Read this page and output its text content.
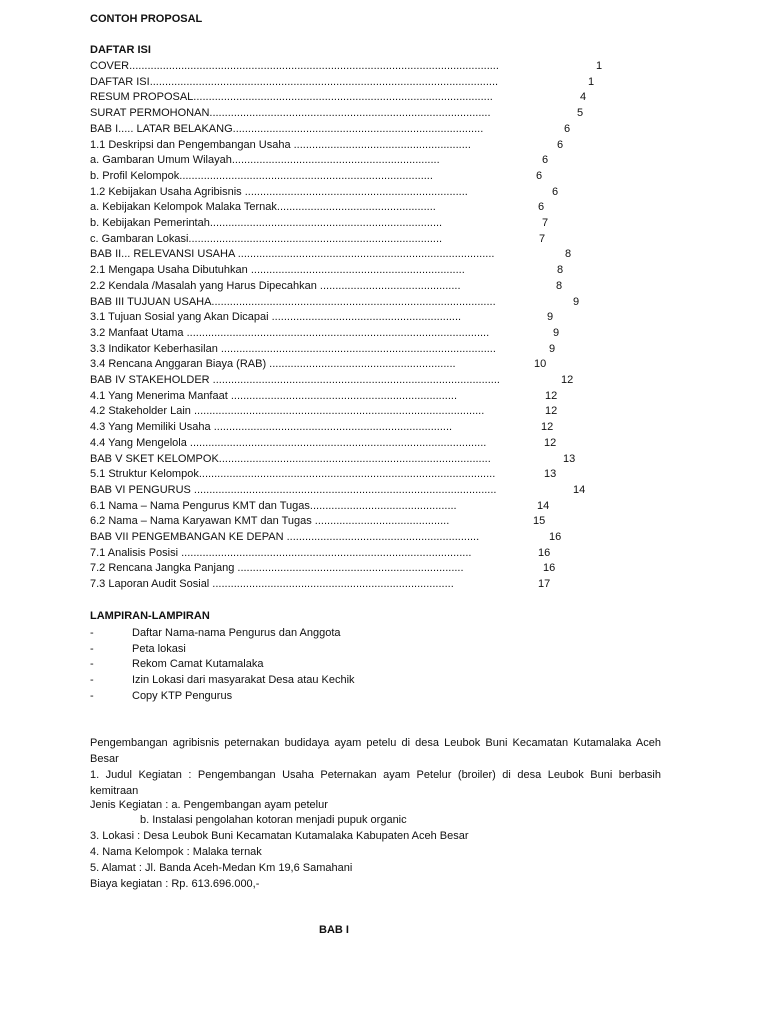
CONTOH PROPOSAL
DAFTAR ISI
COVER.........................................................................................................................	1
DAFTAR ISI..................................................................................................................	1
RESUM PROPOSAL..................................................................................................	4
SURAT PERMOHONAN............................................................................................	5
BAB I..... LATAR BELAKANG..................................................................................	6
1.1 Deskripsi dan Pengembangan Usaha ..........................................................	6
a. Gambaran Umum Wilayah....................................................................	6
b. Profil Kelompok...................................................................................	6
1.2 Kebijakan Usaha Agribisnis .........................................................................	6
a. Kebijakan Kelompok Malaka Ternak....................................................	6
b. Kebijakan Pemerintah............................................................................	7
c. Gambaran Lokasi...................................................................................	7
BAB II... RELEVANSI USAHA ....................................................................................	8
2.1 Mengapa Usaha Dibutuhkan ......................................................................	8
2.2 Kendala /Masalah yang Harus Dipecahkan ..............................................	8
BAB III TUJUAN USAHA.............................................................................................	9
3.1 Tujuan Sosial yang Akan Dicapai ..............................................................	9
3.2 Manfaat Utama ...................................................................................................	9
3.3 Indikator Keberhasilan ..........................................................................................	9
3.4 Rencana Anggaran Biaya (RAB) .............................................................	10
BAB IV STAKEHOLDER ..............................................................................................	12
4.1 Yang Menerima Manfaat ..........................................................................	12
4.2 Stakeholder Lain ...............................................................................................	12
4.3 Yang Memiliki Usaha ..............................................................................	12
4.4 Yang Mengelola .................................................................................................	12
BAB V SKET KELOMPOK.........................................................................................	13
5.1 Struktur Kelompok.................................................................................................	13
BAB VI PENGURUS ...................................................................................................	14
6.1 Nama – Nama Pengurus KMT dan Tugas................................................	14
6.2 Nama – Nama Karyawan KMT dan Tugas ............................................	15
BAB VII PENGEMBANGAN KE DEPAN ...............................................................	16
7.1 Analisis Posisi ...............................................................................................	16
7.2 Rencana Jangka Panjang ..........................................................................	16
7.3 Laporan Audit Sosial ...............................................................................	17
LAMPIRAN-LAMPIRAN
-	Daftar Nama-nama Pengurus dan Anggota
-	Peta lokasi
-	Rekom Camat Kutamalaka
-	Izin Lokasi dari masyarakat Desa atau Kechik
-	Copy KTP Pengurus
Pengembangan agribisnis peternakan budidaya ayam petelu di desa Leubok Buni Kecamatan Kutamalaka Aceh Besar
1. Judul Kegiatan : Pengembangan Usaha Peternakan ayam Petelur (broiler) di desa Leubok Buni berbasih kemitraan
Jenis Kegiatan : a. Pengembangan ayam petelur
b. Instalasi pengolahan kotoran menjadi pupuk organic
3. Lokasi : Desa Leubok Buni Kecamatan Kutamalaka Kabupaten Aceh Besar
4. Nama Kelompok : Malaka ternak
5. Alamat : Jl. Banda Aceh-Medan Km 19,6 Samahani
Biaya kegiatan : Rp. 613.696.000,-
BAB I
